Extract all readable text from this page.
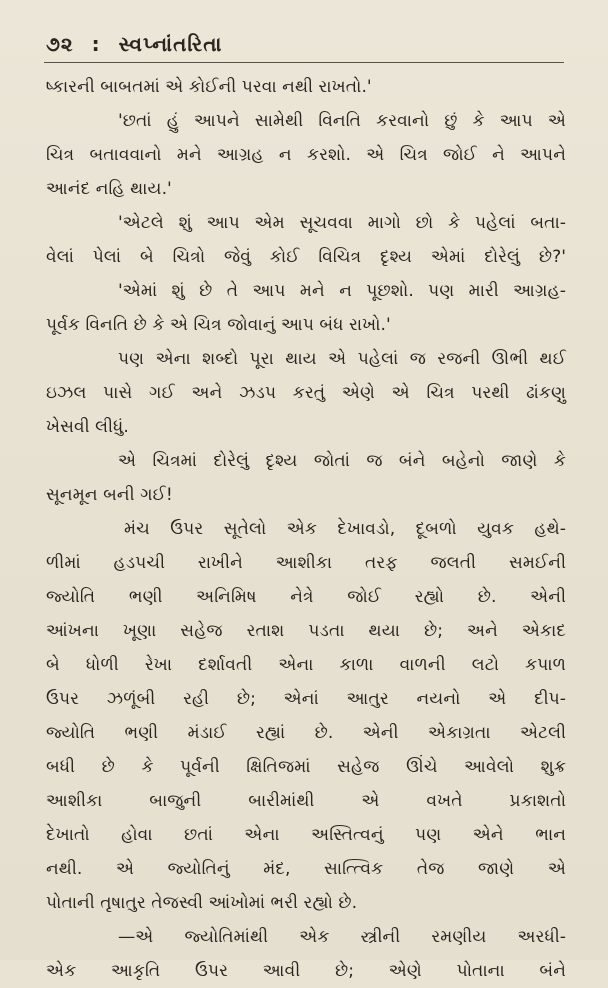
૭૨ : સ્વપ્નાંતરિતા
ષ્કારની બાબતમાં એ કોઈની પરવા નથી રાખતો.'
'છતાં હું આપને સામેથી વિનતિ કરવાનો છું કે આપ એ
ચિત્ર બતાવવાનો મને આગ્રહ ન કરશો. એ ચિત્ર જોઈ ને આપને
આનંદ નહિ થાય.'
'એટલે શું આપ એમ સૂચવવા માગો છો કે પહેલાં બતા-
વેલાં પેલાં બે ચિત્રો જેવું કોઈ વિચિત્ર દૃશ્ય એમાં દોરેલું છે?'
'એમાં શું છે તે આપ મને ન પૂછશો. પણ મારી આગ્રહ-
પૂર્વક વિનતિ છે કે એ ચિત્ર જોવાનું આપ બંધ રાખો.'
પણ એના શબ્દો પૂરા થાય એ પહેલાં જ રજની ઊભી થઈ
ઇઝલ પાસે ગઈ અને ઝડપ કરતું એણે એ ચિત્ર પરથી ઢાંકણુ
ખેસવી લીધું.
એ ચિત્રમાં દોરેલું દૃશ્ય જોતાં જ બંને બહેનો જાણે કે
સૂનમૂન બની ગઈ!
મંચ ઉપર સૂતેલો એક દેખાવડો, દૂબળો યુવક હથે-
ળીમાં હડપચી રાખીને આશીકા તરફ જલતી સમઈની
જ્યોતિ ભણી અનિમિષ નેત્રે જોઈ રહ્યો છે. એની
આંખના ખૂણા સહેજ રતાશ પડતા થયા છે; અને એકાદ
બે ધોળી રેખા દર્શાવતી એના કાળા વાળની લટો કપાળ
ઉપર ઝળૂંબી રહી છે; એનાં આતુર નયનો એ દીપ-
જ્યોતિ ભણી મંડાઈ રહ્યાં છે. એની એકાગ્રતા એટલી
બધી છે કે પૂર્વની ક્ષિતિજમાં સહેજ ઊંચે આવેલો શુક્ર
આશીકા બાજુની બારીમાંથી એ વખતે પ્રકાશતો
દેખાતો હોવા છતાં એના અસ્તિત્વનું પણ એને ભાન
નથી. એ જ્યોતિનું મંદ, સાત્ત્વિક તેજ જાણે એ
પોતાની તૃષાતુર તેજસ્વી આંખોમાં ભરી રહ્યો છે.
—એ જ્યોતિમાંથી એક સ્ત્રીની રમણીય અરધી-
એક આકૃતિ ઉપર આવી છે; એણે પોતાના બંને
